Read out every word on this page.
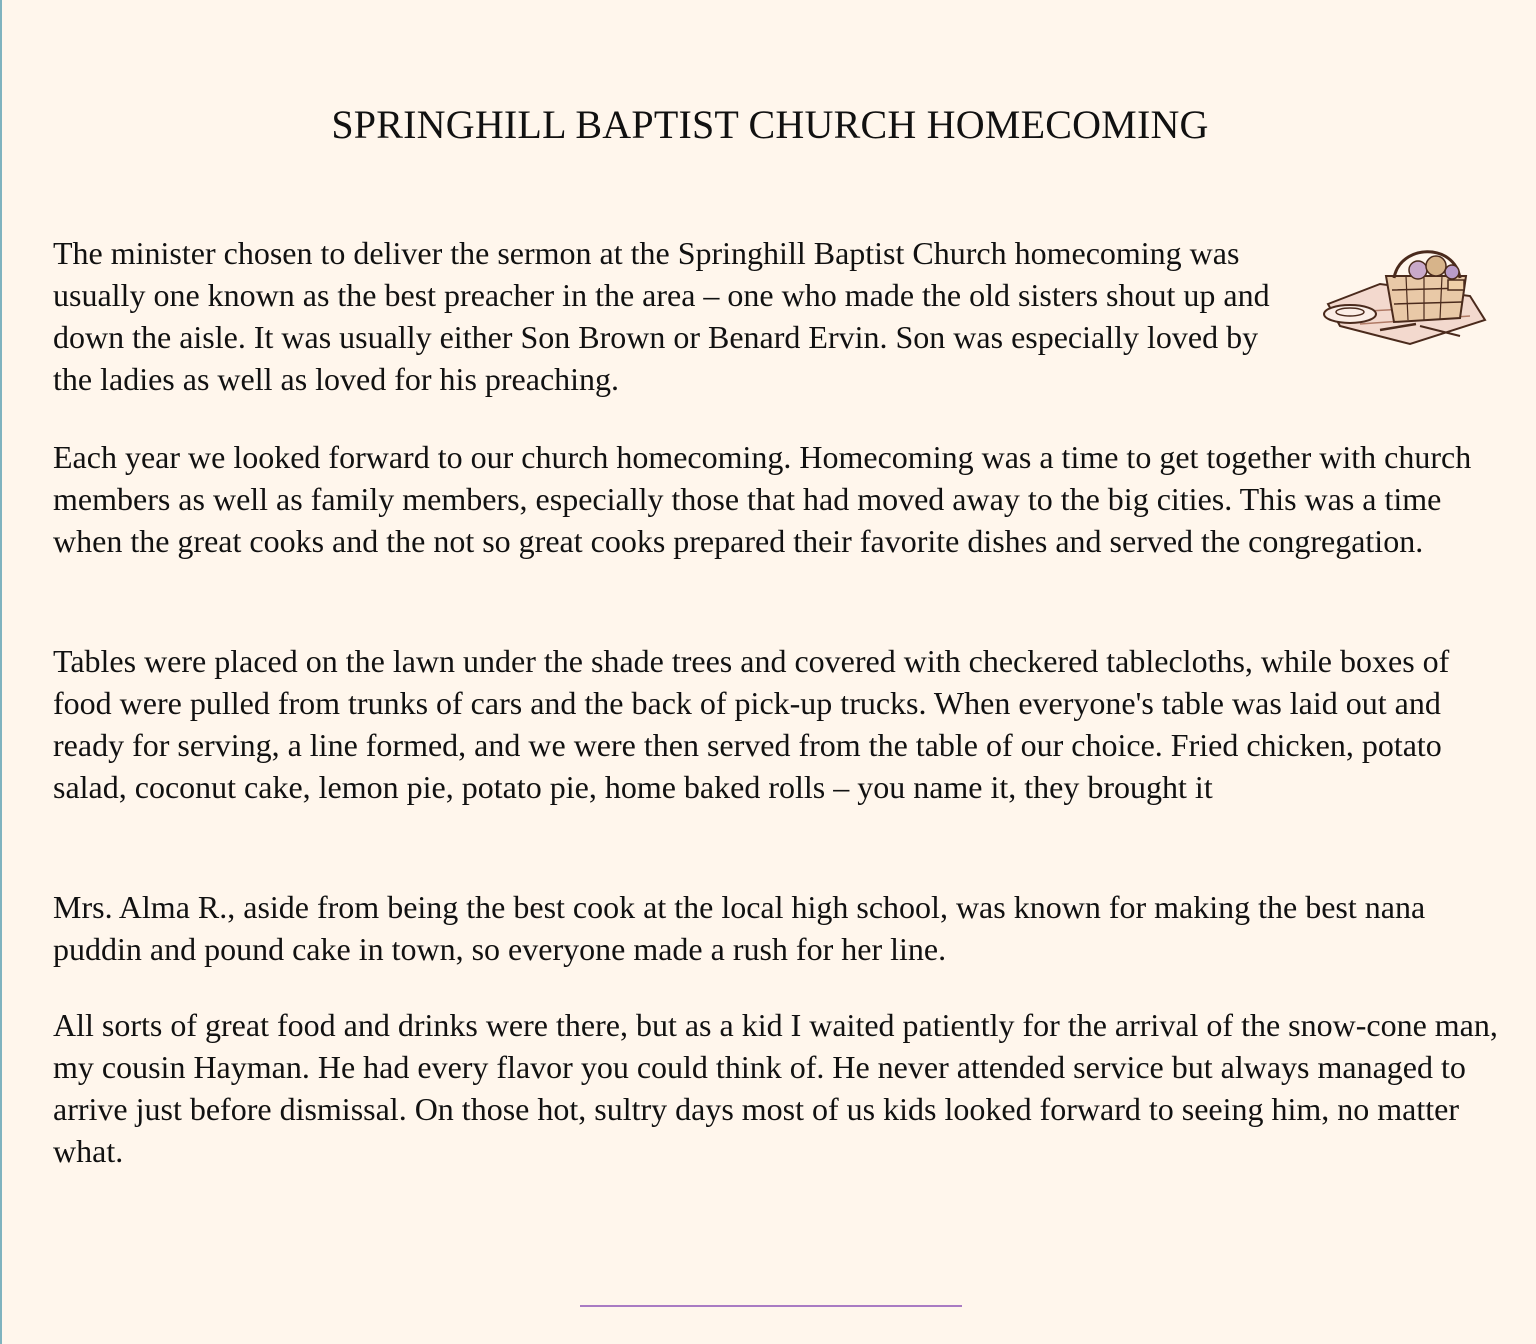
SPRINGHILL BAPTIST CHURCH HOMECOMING

The minister chosen to deliver the sermon at the Springhill Baptist Church homecoming was usually one known as the best preacher in the area – one who made the old sisters shout up and down the aisle. It was usually either Son Brown or Benard Ervin. Son was especially loved by the ladies as well as loved for his preaching.

Each year we looked forward to our church homecoming. Homecoming was a time to get together with church members as well as family members, especially those that had moved away to the big cities. This was a time when the great cooks and the not so great cooks prepared their favorite dishes and served the congregation.

Tables were placed on the lawn under the shade trees and covered with checkered tablecloths, while boxes of food were pulled from trunks of cars and the back of pick-up trucks. When everyone's table was laid out and ready for serving, a line formed, and we were then served from the table of our choice. Fried chicken, potato salad, coconut cake, lemon pie, potato pie, home baked rolls – you name it, they brought it

Mrs. Alma R., aside from being the best cook at the local high school, was known for making the best nana puddin and pound cake in town, so everyone made a rush for her line.

All sorts of great food and drinks were there, but as a kid I waited patiently for the arrival of the snow-cone man, my cousin Hayman. He had every flavor you could think of. He never attended service but always managed to arrive just before dismissal. On those hot, sultry days most of us kids looked forward to seeing him, no matter what.
